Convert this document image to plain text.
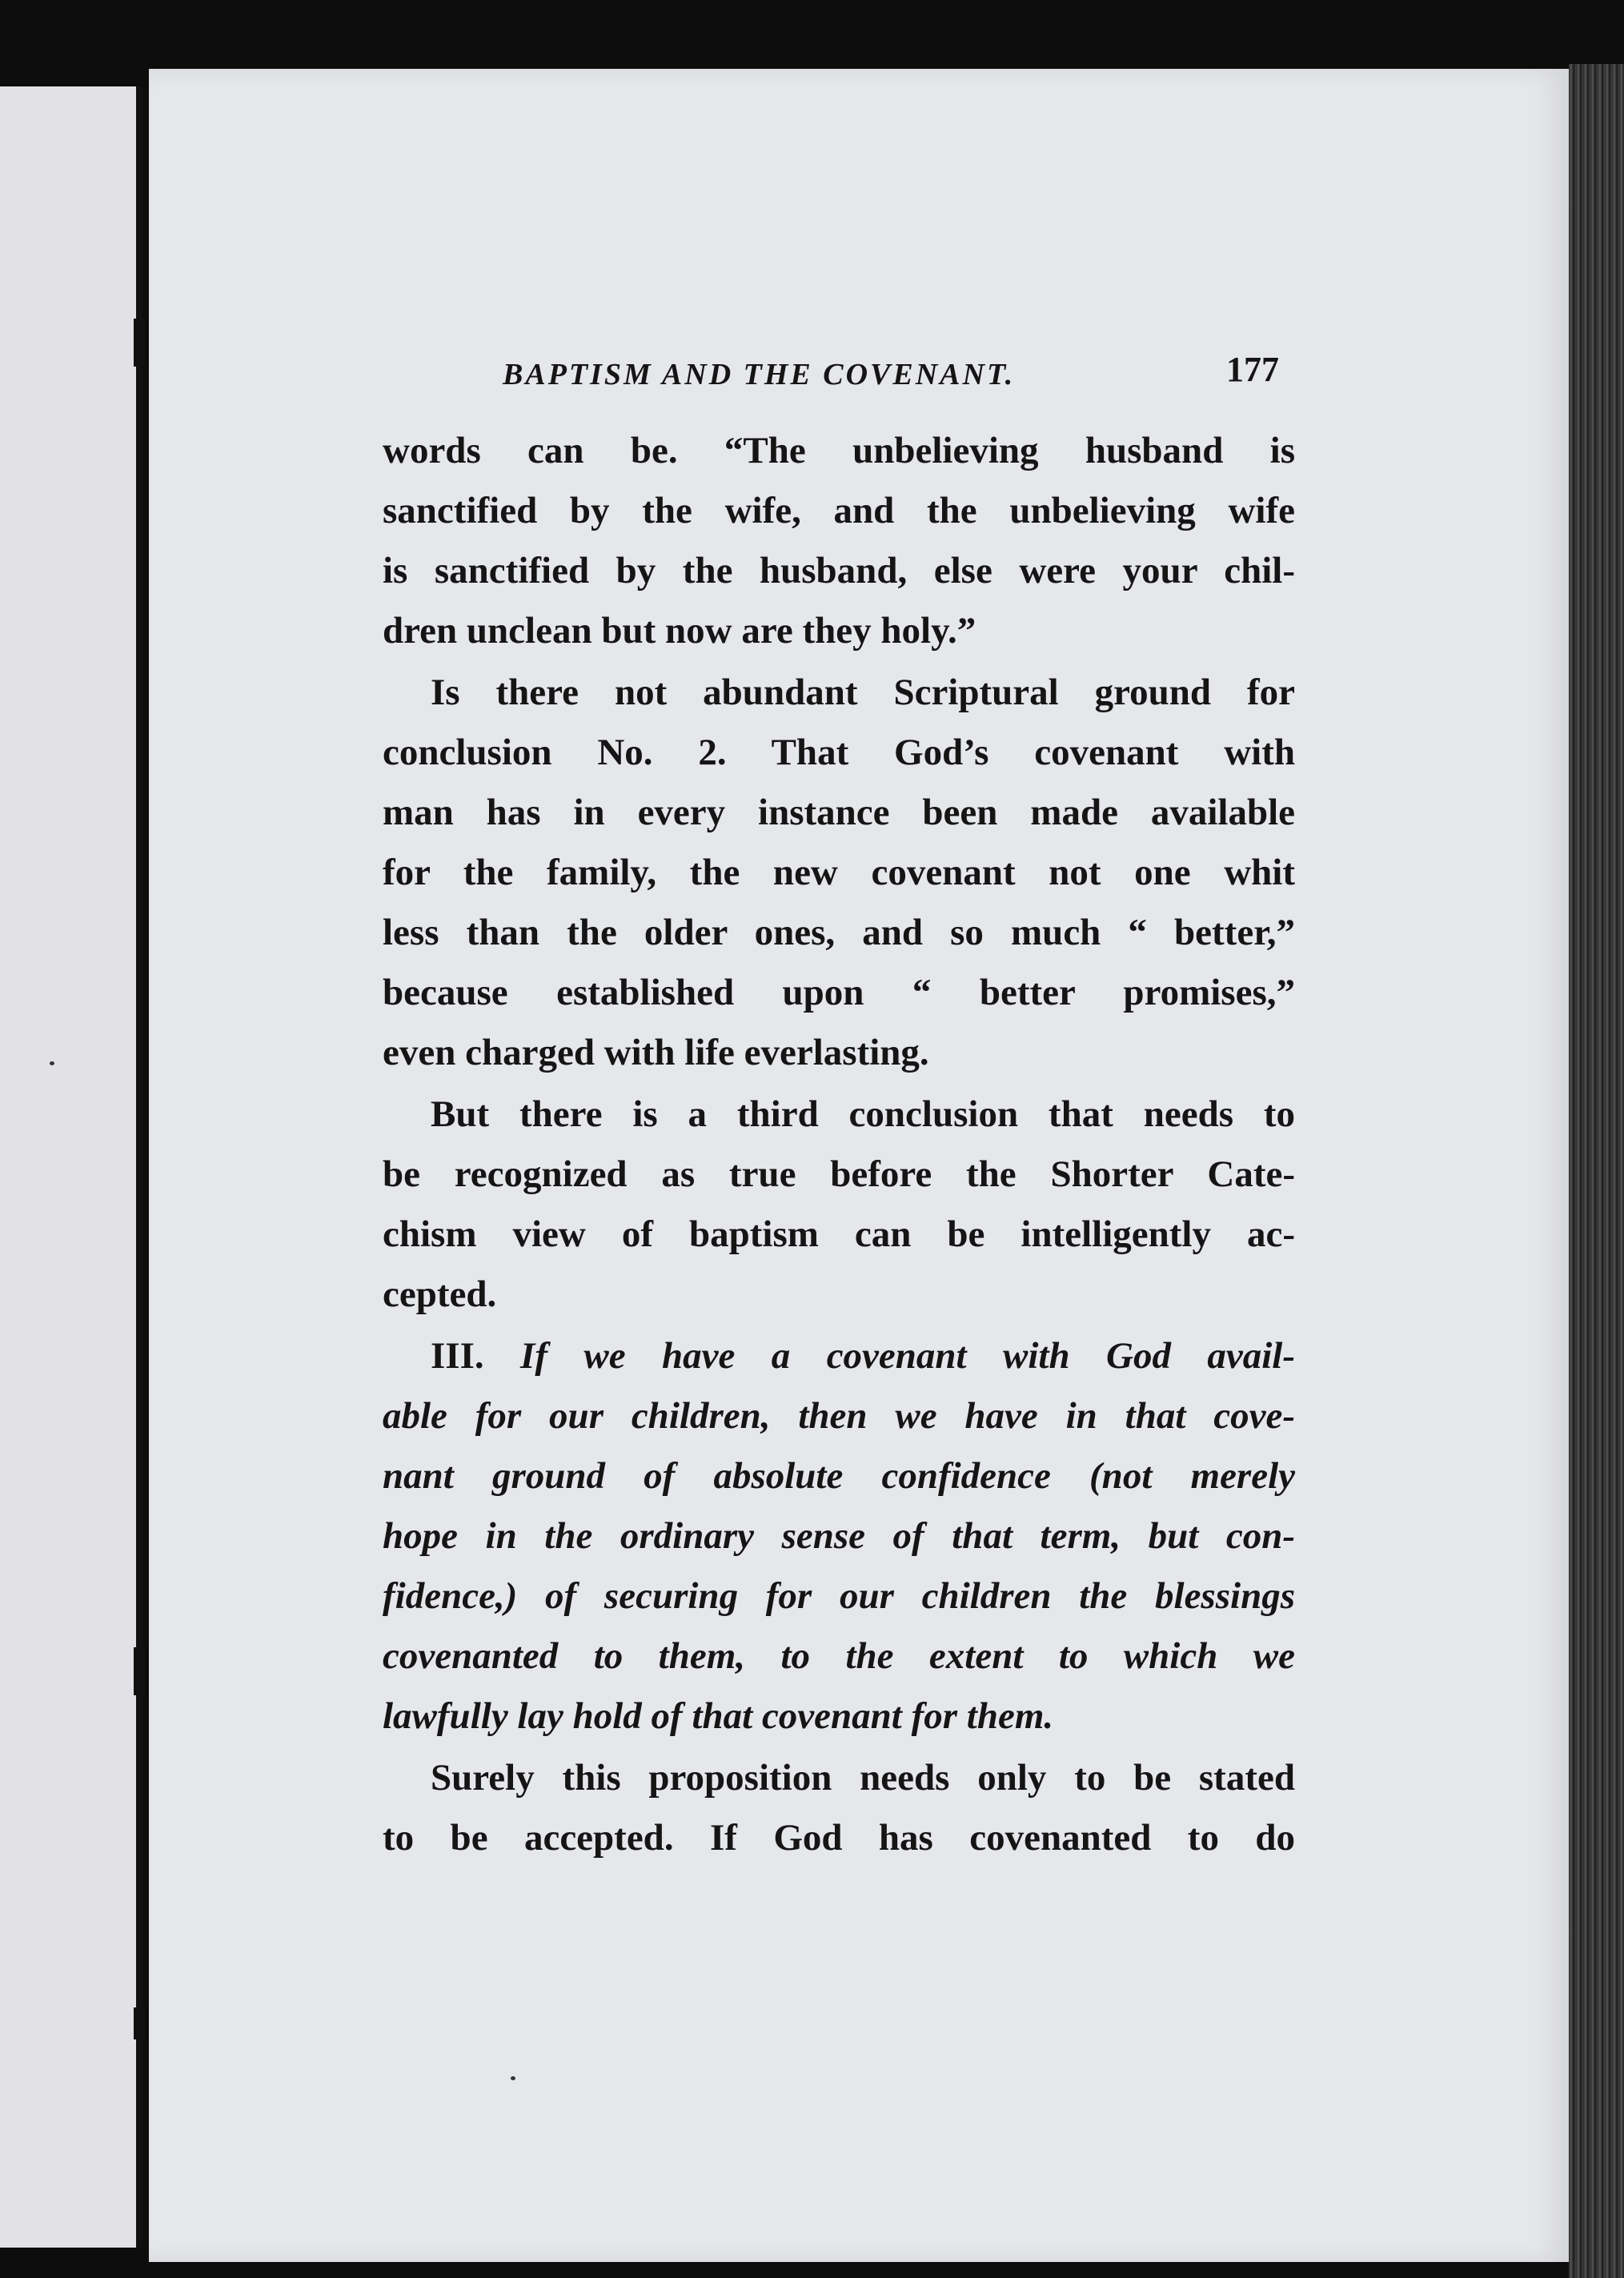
BAPTISM AND THE COVENANT.	177

words can be. “The unbelieving husband is
sanctified by the wife, and the unbelieving wife
is sanctified by the husband, else were your chil-
dren unclean but now are they holy.”

Is there not abundant Scriptural ground for
conclusion No. 2. That God’s covenant with
man has in every instance been made available
for the family, the new covenant not one whit
less than the older ones, and so much “ better,”
because established upon “ better promises,”
even charged with life everlasting.

But there is a third conclusion that needs to
be recognized as true before the Shorter Cate-
chism view of baptism can be intelligently ac-
cepted.

III. If we have a covenant with God avail-
able for our children, then we have in that cove-
nant ground of absolute confidence (not merely
hope in the ordinary sense of that term, but con-
fidence,) of securing for our children the blessings
covenanted to them, to the extent to which we
lawfully lay hold of that covenant for them.

Surely this proposition needs only to be stated
to be accepted. If God has covenanted to do
